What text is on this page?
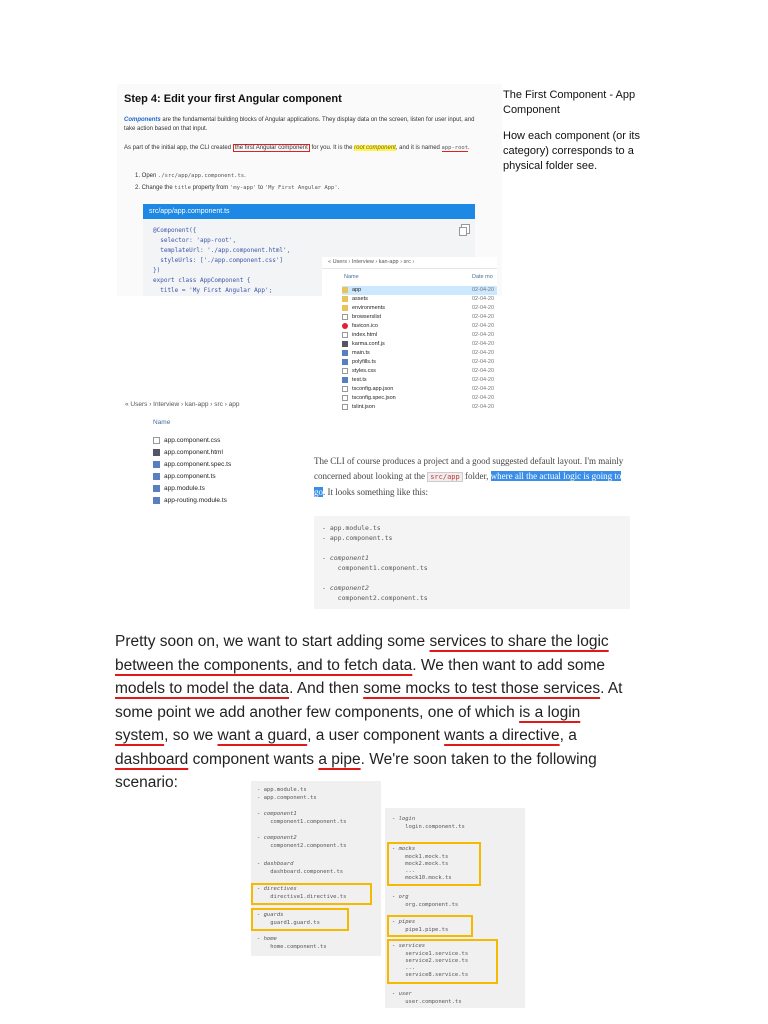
Step 4: Edit your first Angular component
Components are the fundamental building blocks of Angular applications. They display data on the screen, listen for user input, and take action based on that input.
As part of the initial app, the CLI created the first Angular component for you. It is the root component, and it is named app-root.
1. Open ./src/app/app.component.ts.
2. Change the title property from 'my-app' to 'My First Angular App'.
src/app/app.component.ts
@Component({
selector: 'app-root',
templateUrl: './app.component.html',
styleUrls: ['./app.component.css']
})
export class AppComponent {
title = 'My First Angular App';
The First Component - App Component
How each component (or its category) corresponds to a physical folder see.
« Users › Interview › kan-app › src ›
Name	Date mo
app	02-04-20
assets	02-04-20
environments	02-04-20
browserslist	02-04-20
favicon.ico	02-04-20
index.html	02-04-20
karma.conf.js	02-04-20
main.ts	02-04-20
polyfills.ts	02-04-20
styles.css	02-04-20
test.ts	02-04-20
tsconfig.app.json	02-04-20
tsconfig.spec.json	02-04-20
tslint.json	02-04-20
« Users › Interview › kan-app › src › app
Name
app.component.css
app.component.html
app.component.spec.ts
app.component.ts
app.module.ts
app-routing.module.ts
The CLI of course produces a project and a good suggested default layout. I'm mainly concerned about looking at the src/app folder, where all the actual logic is going to go. It looks something like this:
- app.module.ts
- app.component.ts
- component1
component1.component.ts
- component2
component2.component.ts
Pretty soon on, we want to start adding some services to share the logic between the components, and to fetch data. We then want to add some models to model the data. And then some mocks to test those services. At some point we add another few components, one of which is a login system, so we want a guard, a user component wants a directive, a dashboard component wants a pipe. We're soon taken to the following scenario:	- app.module.ts
- app.component.ts
- component1
component1.component.ts
- component2
component2.component.ts
- dashboard
dashboard.component.ts
- directives
directive1.directive.ts
- guards
guard1.guard.ts
- home
home.component.ts
- login
login.component.ts
- mocks
mock1.mock.ts
mock2.mock.ts
...
mock10.mock.ts
- org
org.component.ts
- pipes
pipe1.pipe.ts
- services
service1.service.ts
service2.service.ts
...
service8.service.ts
- user
user.component.ts
